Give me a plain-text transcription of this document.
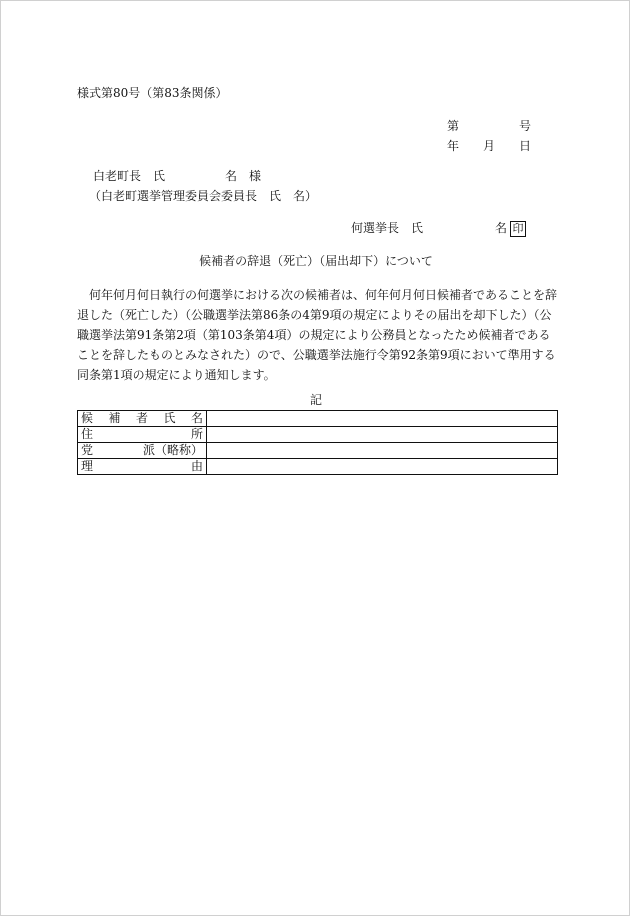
様式第80号（第83条関係）
第	号
年 月 日
白老町長　氏　　　　　名　様
（白老町選挙管理委員会委員長　氏　名）
何選挙長　氏　　　　　　名 印
候補者の辞退（死亡）（届出却下）について
何年何月何日執行の何選挙における次の候補者は、何年何月何日候補者であることを辞退した（死亡した）（公職選挙法第86条の4第9項の規定によりその届出を却下した）（公職選挙法第91条第2項（第103条第4項）の規定により公務員となったため候補者であることを辞したものとみなされた）ので、公職選挙法施行令第92条第9項において準用する同条第1項の規定により通知します。
記
候 補 者 氏 名	

住 所	

党 派（略称）	

理 由	
